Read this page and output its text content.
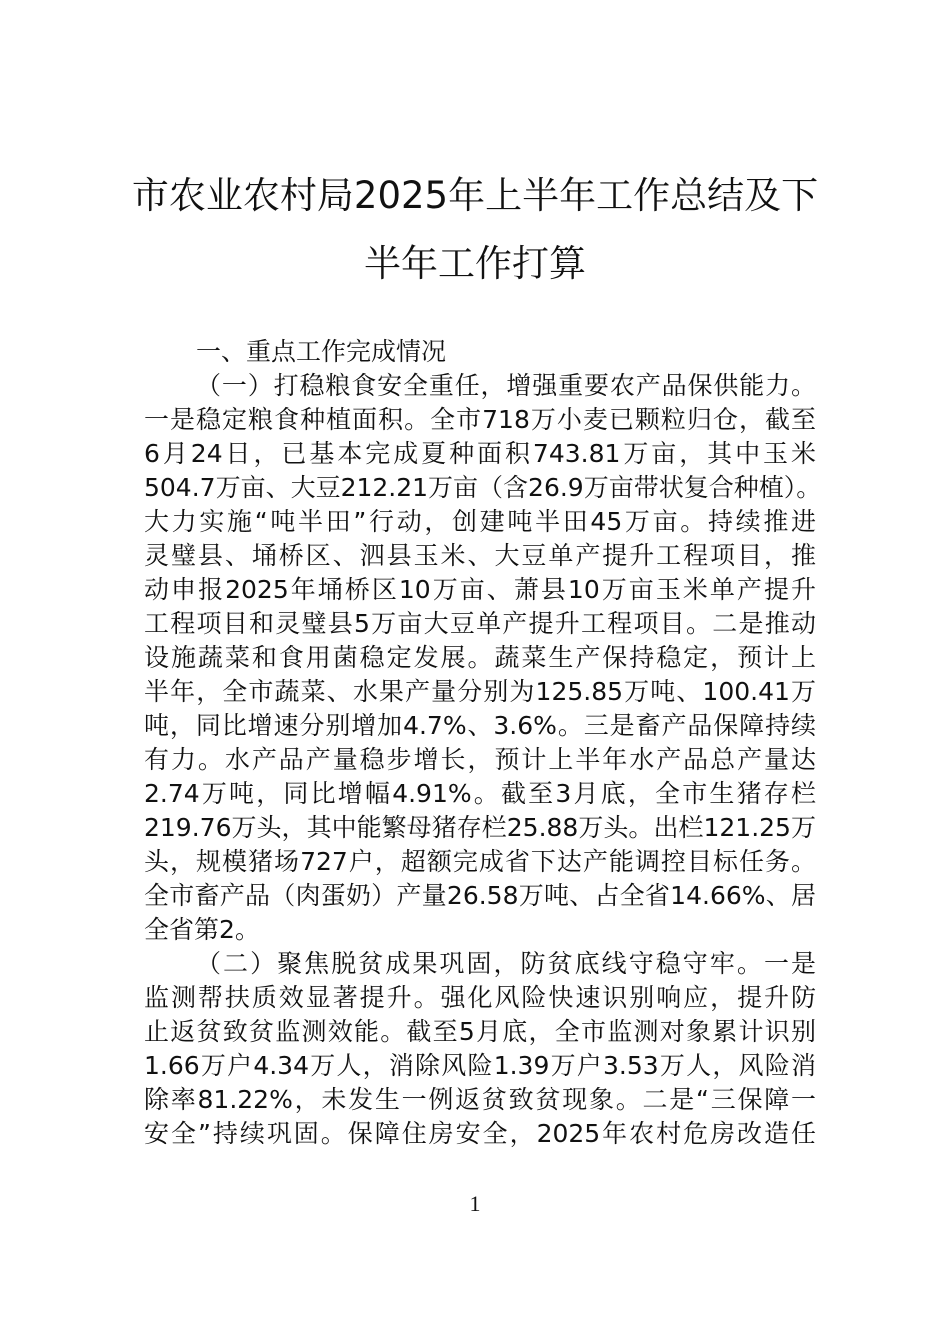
市农业农村局2025年上半年工作总结及下
半年工作打算
一、重点工作完成情况
（一）打稳粮食安全重任，增强重要农产品保供能力。
一是稳定粮食种植面积。全市718万小麦已颗粒归仓，截至
6月24日，已基本完成夏种面积743.81万亩，其中玉米
504.7万亩、大豆212.21万亩（含26.9万亩带状复合种植）。
大力实施“吨半田”行动，创建吨半田45万亩。持续推进
灵璧县、埇桥区、泗县玉米、大豆单产提升工程项目，推
动申报2025年埇桥区10万亩、萧县10万亩玉米单产提升
工程项目和灵璧县5万亩大豆单产提升工程项目。二是推动
设施蔬菜和食用菌稳定发展。蔬菜生产保持稳定，预计上
半年，全市蔬菜、水果产量分别为125.85万吨、100.41万
吨，同比增速分别增加4.7%、3.6%。三是畜产品保障持续
有力。水产品产量稳步增长，预计上半年水产品总产量达
2.74万吨，同比增幅4.91%。截至3月底，全市生猪存栏
219.76万头，其中能繁母猪存栏25.88万头。出栏121.25万
头，规模猪场727户，超额完成省下达产能调控目标任务。
全市畜产品（肉蛋奶）产量26.58万吨、占全省14.66%、居
全省第2。
（二）聚焦脱贫成果巩固，防贫底线守稳守牢。一是
监测帮扶质效显著提升。强化风险快速识别响应，提升防
止返贫致贫监测效能。截至5月底，全市监测对象累计识别
1.66万户4.34万人，消除风险1.39万户3.53万人，风险消
除率81.22%，未发生一例返贫致贫现象。二是“三保障一
安全”持续巩固。保障住房安全，2025年农村危房改造任
1
